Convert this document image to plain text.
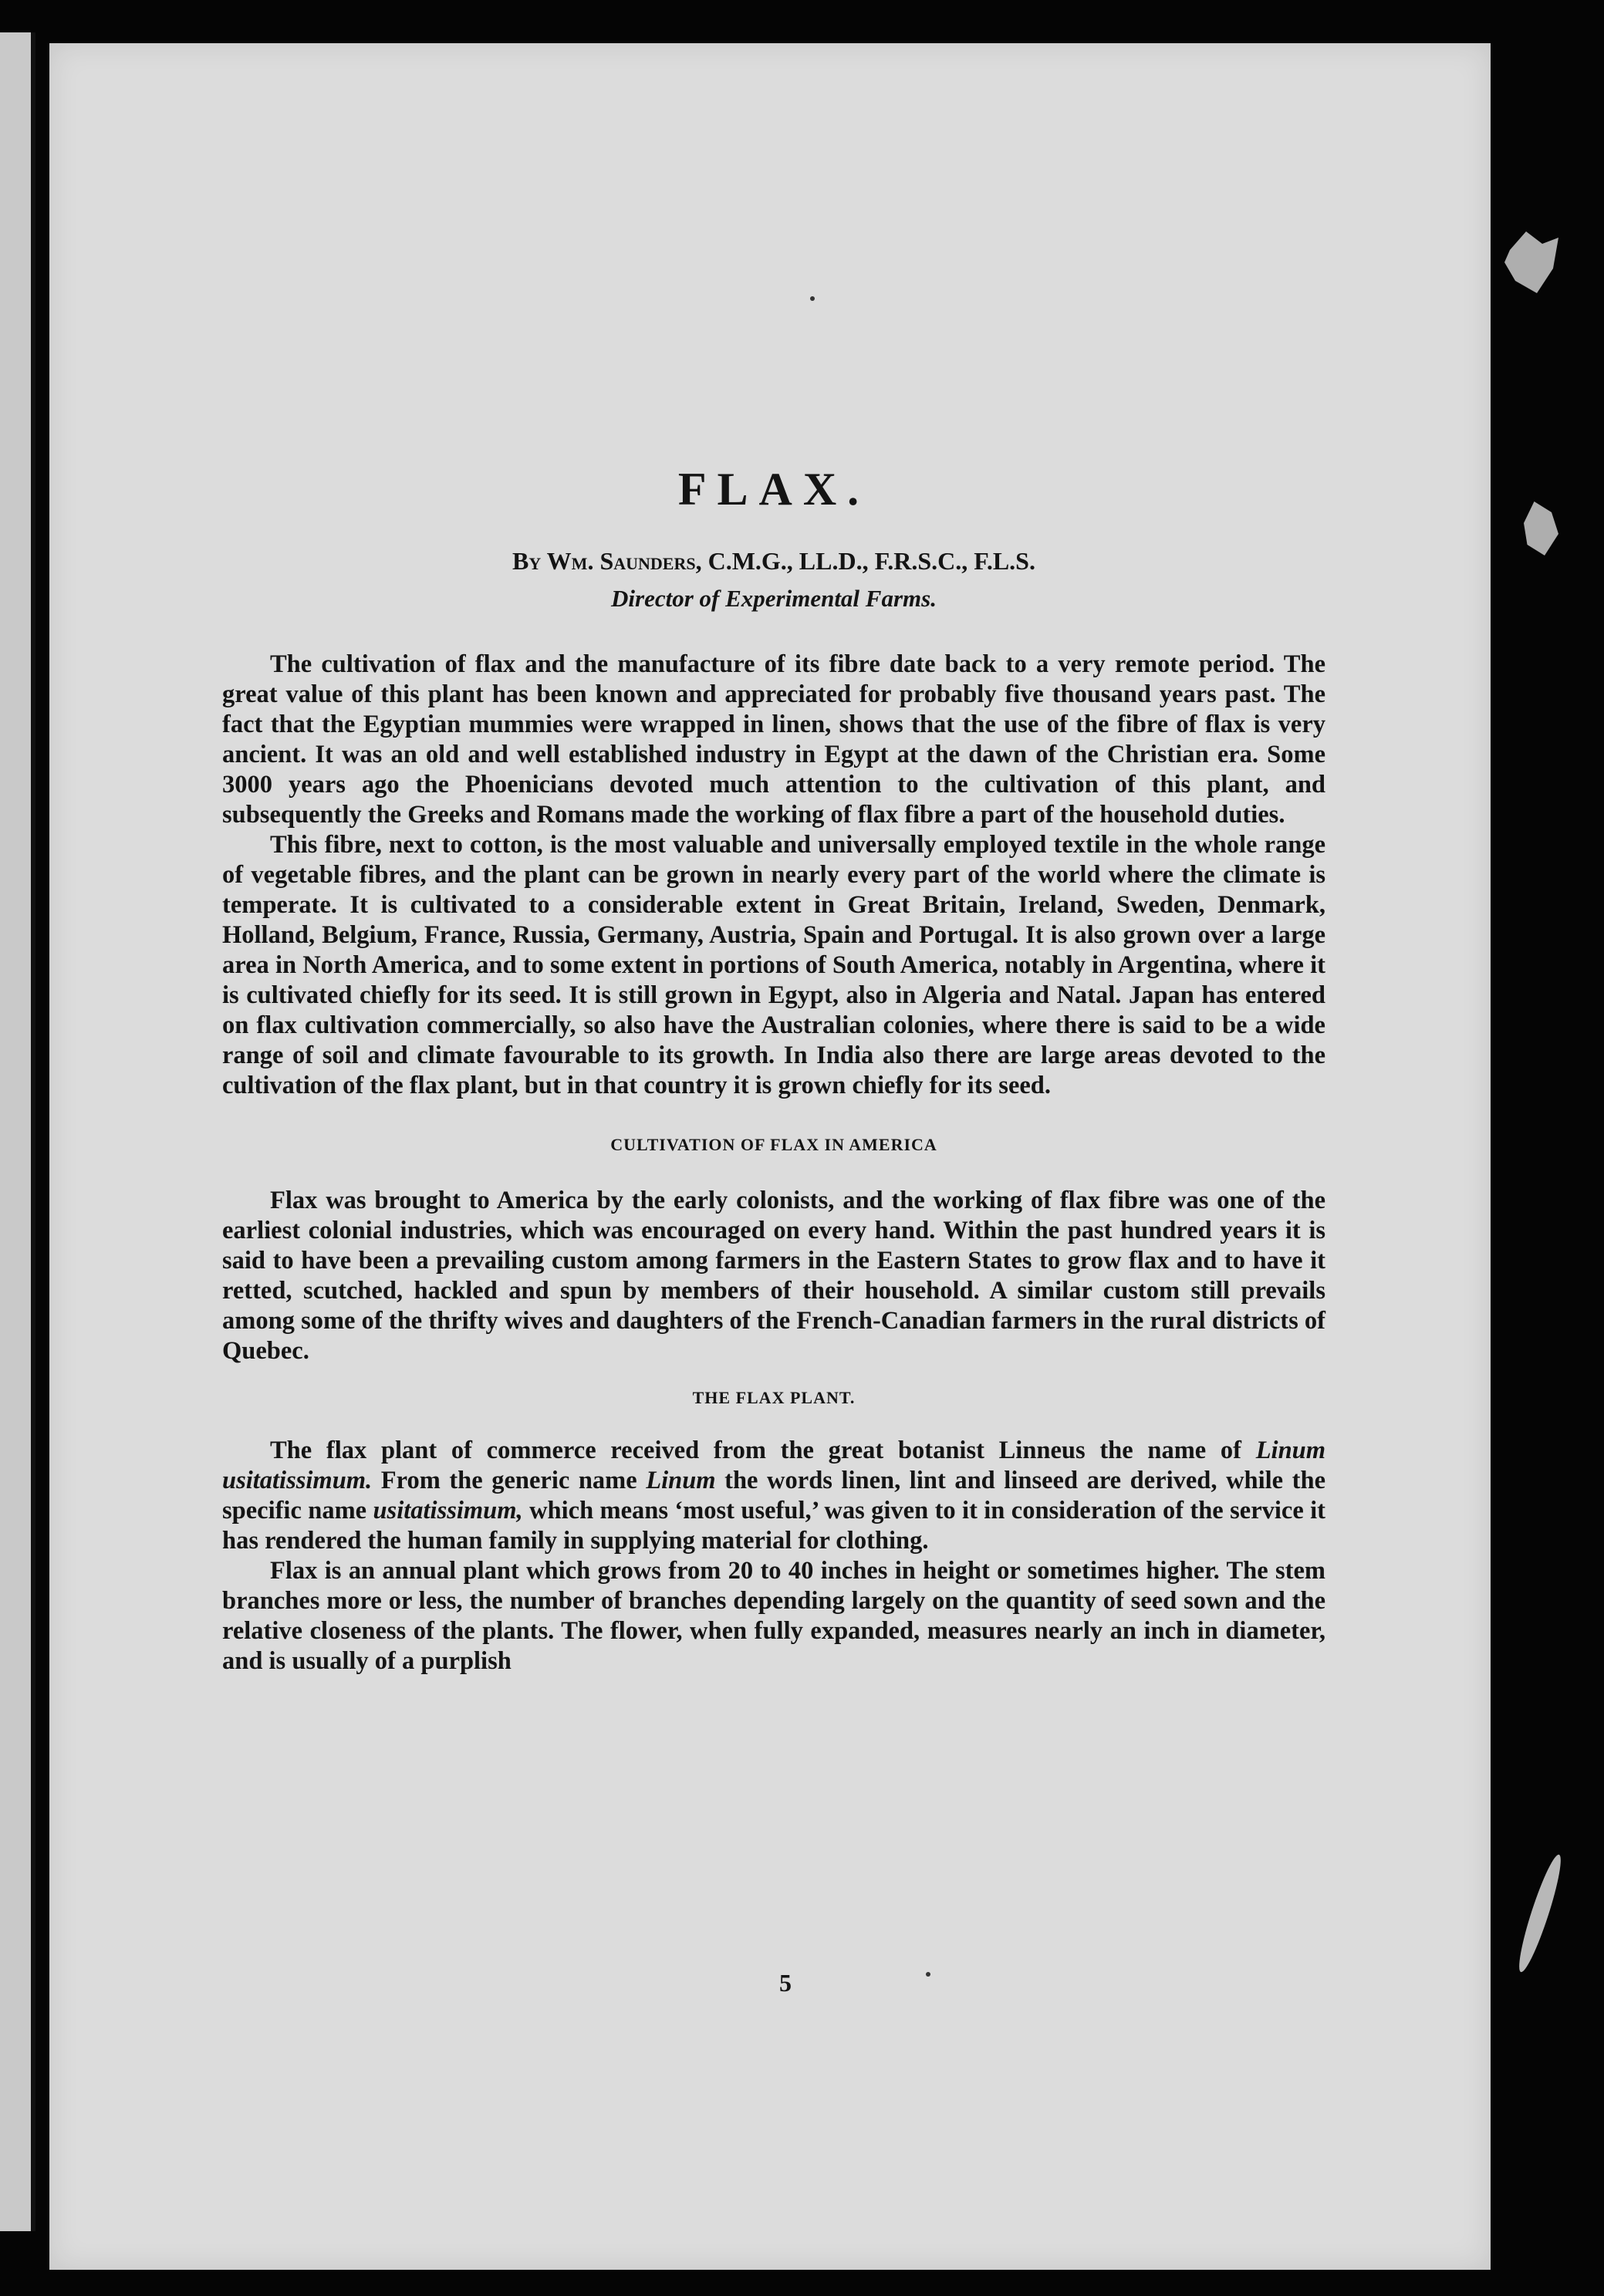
FLAX.
By Wm. Saunders, C.M.G., LL.D., F.R.S.C., F.L.S.
Director of Experimental Farms.

The cultivation of flax and the manufacture of its fibre date back to a very remote period. The great value of this plant has been known and appreciated for probably five thousand years past. The fact that the Egyptian mummies were wrapped in linen, shows that the use of the fibre of flax is very ancient. It was an old and well established industry in Egypt at the dawn of the Christian era. Some 3000 years ago the Phoenicians devoted much attention to the cultivation of this plant, and subsequently the Greeks and Romans made the working of flax fibre a part of the household duties.

This fibre, next to cotton, is the most valuable and universally employed textile in the whole range of vegetable fibres, and the plant can be grown in nearly every part of the world where the climate is temperate. It is cultivated to a considerable extent in Great Britain, Ireland, Sweden, Denmark, Holland, Belgium, France, Russia, Germany, Austria, Spain and Portugal. It is also grown over a large area in North America, and to some extent in portions of South America, notably in Argentina, where it is cultivated chiefly for its seed. It is still grown in Egypt, also in Algeria and Natal. Japan has entered on flax cultivation commercially, so also have the Australian colonies, where there is said to be a wide range of soil and climate favourable to its growth. In India also there are large areas devoted to the cultivation of the flax plant, but in that country it is grown chiefly for its seed.

CULTIVATION OF FLAX IN AMERICA

Flax was brought to America by the early colonists, and the working of flax fibre was one of the earliest colonial industries, which was encouraged on every hand. Within the past hundred years it is said to have been a prevailing custom among farmers in the Eastern States to grow flax and to have it retted, scutched, hackled and spun by members of their household. A similar custom still prevails among some of the thrifty wives and daughters of the French-Canadian farmers in the rural districts of Quebec.

THE FLAX PLANT.

The flax plant of commerce received from the great botanist Linneus the name of Linum usitatissimum. From the generic name Linum the words linen, lint and linseed are derived, while the specific name usitatissimum, which means ‘most useful,’ was given to it in consideration of the service it has rendered the human family in supplying material for clothing.

Flax is an annual plant which grows from 20 to 40 inches in height or sometimes higher. The stem branches more or less, the number of branches depending largely on the quantity of seed sown and the relative closeness of the plants. The flower, when fully expanded, measures nearly an inch in diameter, and is usually of a purplish

5
